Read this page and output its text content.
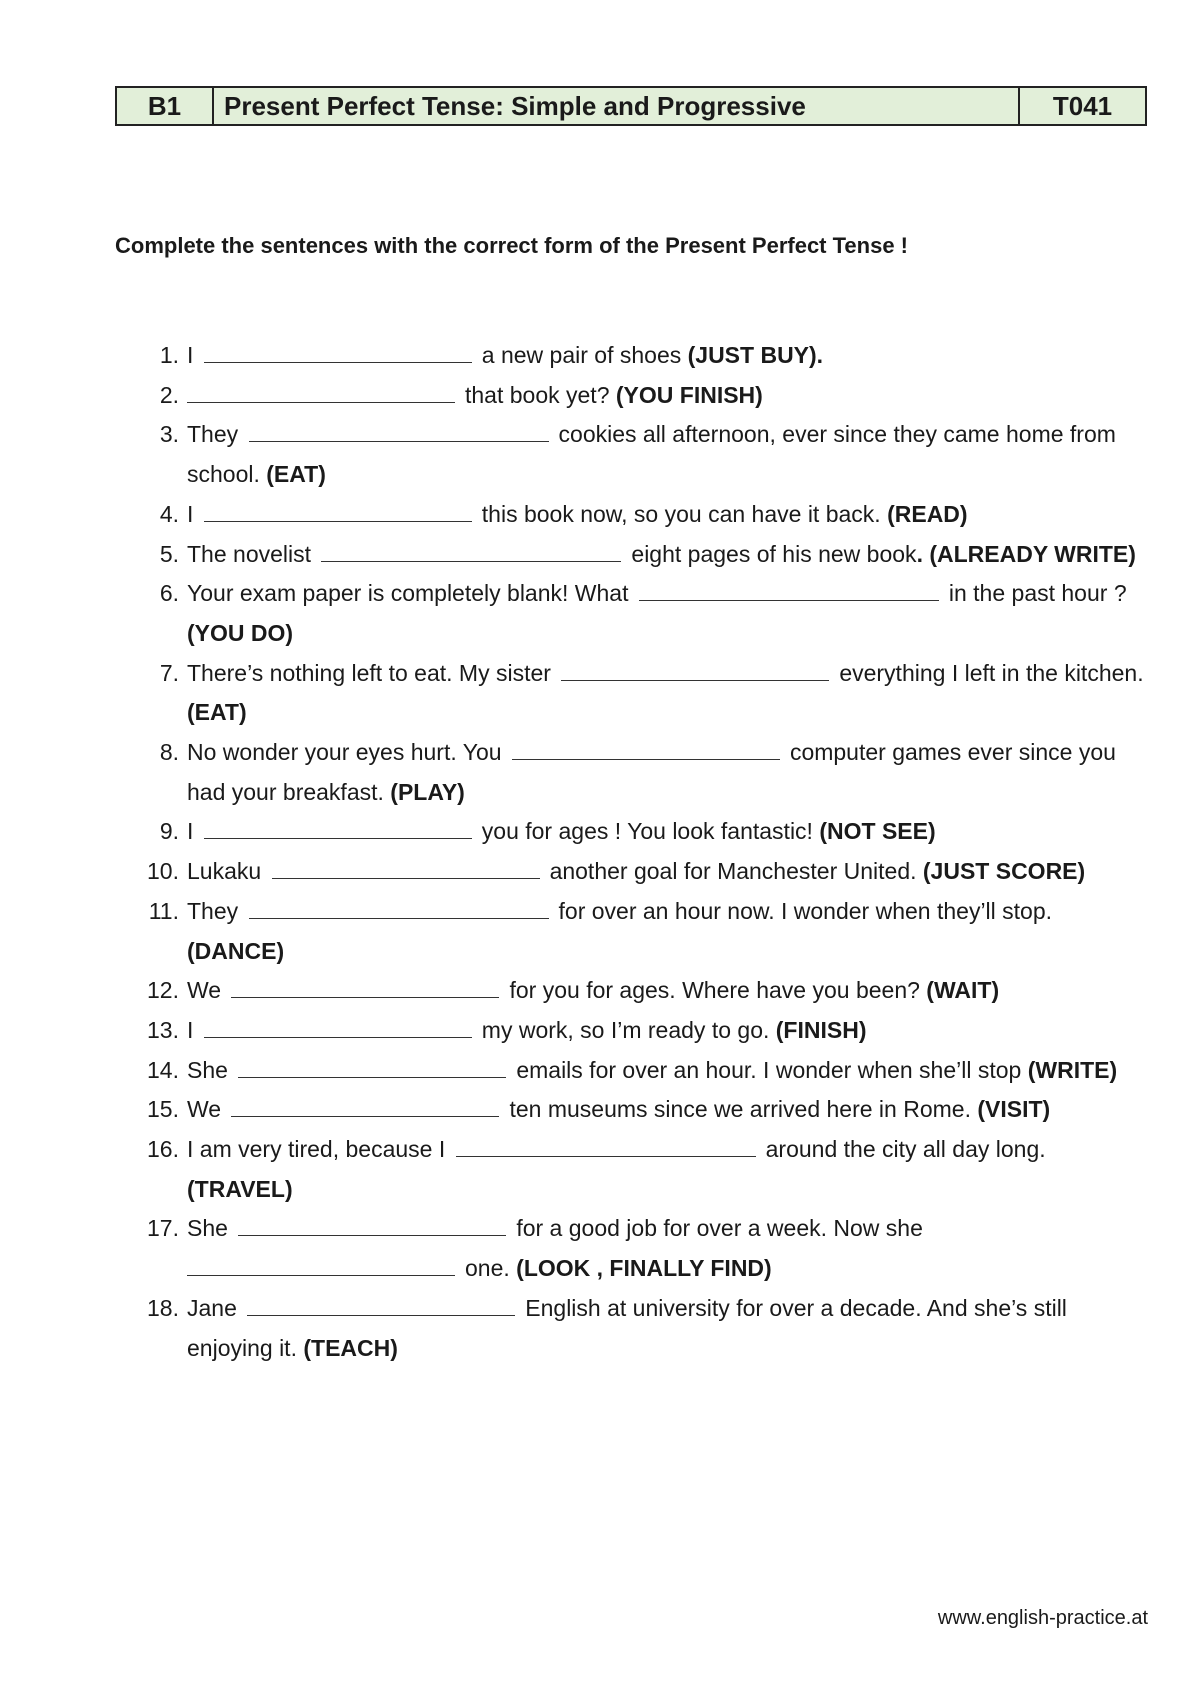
B1	Present Perfect Tense: Simple and Progressive	T041
Complete the sentences with the correct form of the Present Perfect Tense !
1. I	a new pair of shoes (JUST BUY).
2.	that book yet? (YOU FINISH)
3. They	cookies all afternoon, ever since they came home from school. (EAT)
4. I	this book now, so you can have it back. (READ)
5. The novelist	eight pages of his new book. (ALREADY WRITE)
6. Your exam paper is completely blank! What	in the past hour ? (YOU DO)
7. There’s nothing left to eat. My sister	everything I left in the kitchen. (EAT)
8. No wonder your eyes hurt. You	computer games ever since you had your breakfast. (PLAY)
9. I	you for ages ! You look fantastic! (NOT SEE)
10. Lukaku	another goal for Manchester United. (JUST SCORE)
11. They	for over an hour now. I wonder when they’ll stop. (DANCE)
12. We	for you for ages. Where have you been? (WAIT)
13. I	my work, so I’m ready to go. (FINISH)
14. She	emails for over an hour. I wonder when she’ll stop (WRITE)
15. We	ten museums since we arrived here in Rome. (VISIT)
16. I am very tired, because I	around the city all day long. (TRAVEL)
17. She	for a good job for over a week. Now she
one. (LOOK , FINALLY FIND)
18. Jane	English at university for over a decade. And she’s still enjoying it. (TEACH)
www.english-practice.at
